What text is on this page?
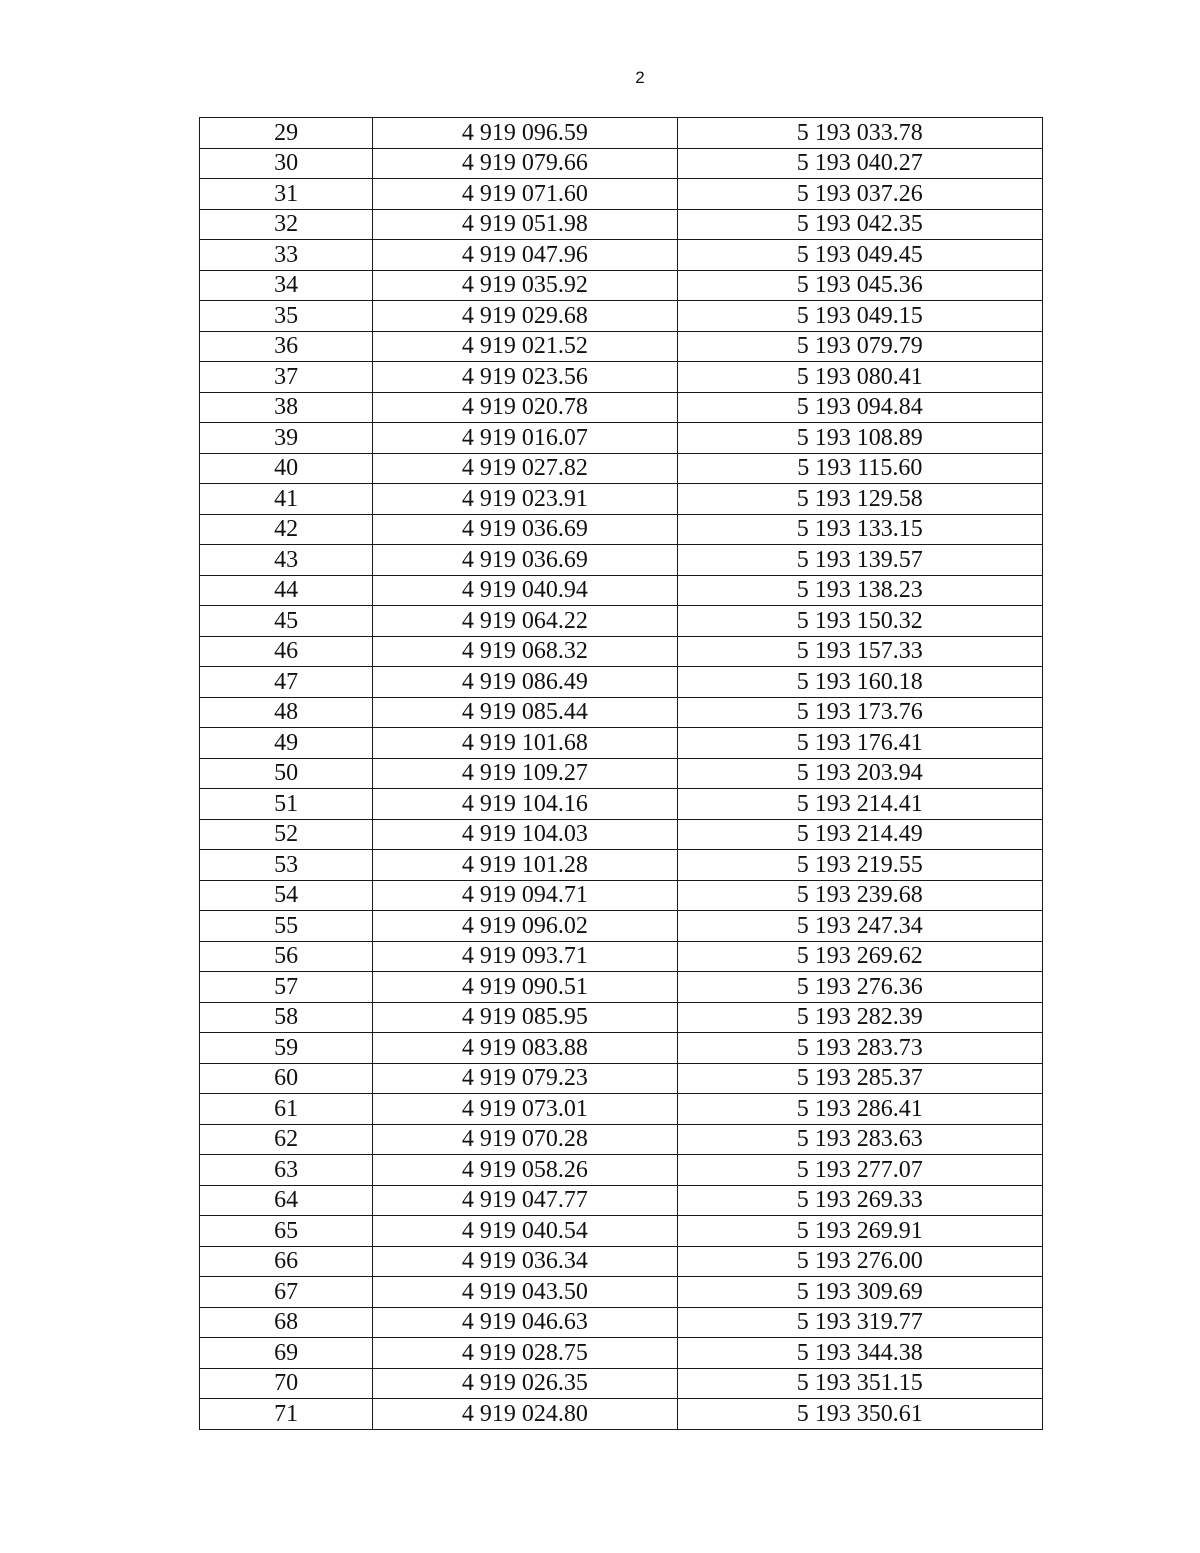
2
29	4 919 096.59	5 193 033.78
30	4 919 079.66	5 193 040.27
31	4 919 071.60	5 193 037.26
32	4 919 051.98	5 193 042.35
33	4 919 047.96	5 193 049.45
34	4 919 035.92	5 193 045.36
35	4 919 029.68	5 193 049.15
36	4 919 021.52	5 193 079.79
37	4 919 023.56	5 193 080.41
38	4 919 020.78	5 193 094.84
39	4 919 016.07	5 193 108.89
40	4 919 027.82	5 193 115.60
41	4 919 023.91	5 193 129.58
42	4 919 036.69	5 193 133.15
43	4 919 036.69	5 193 139.57
44	4 919 040.94	5 193 138.23
45	4 919 064.22	5 193 150.32
46	4 919 068.32	5 193 157.33
47	4 919 086.49	5 193 160.18
48	4 919 085.44	5 193 173.76
49	4 919 101.68	5 193 176.41
50	4 919 109.27	5 193 203.94
51	4 919 104.16	5 193 214.41
52	4 919 104.03	5 193 214.49
53	4 919 101.28	5 193 219.55
54	4 919 094.71	5 193 239.68
55	4 919 096.02	5 193 247.34
56	4 919 093.71	5 193 269.62
57	4 919 090.51	5 193 276.36
58	4 919 085.95	5 193 282.39
59	4 919 083.88	5 193 283.73
60	4 919 079.23	5 193 285.37
61	4 919 073.01	5 193 286.41
62	4 919 070.28	5 193 283.63
63	4 919 058.26	5 193 277.07
64	4 919 047.77	5 193 269.33
65	4 919 040.54	5 193 269.91
66	4 919 036.34	5 193 276.00
67	4 919 043.50	5 193 309.69
68	4 919 046.63	5 193 319.77
69	4 919 028.75	5 193 344.38
70	4 919 026.35	5 193 351.15
71	4 919 024.80	5 193 350.61
